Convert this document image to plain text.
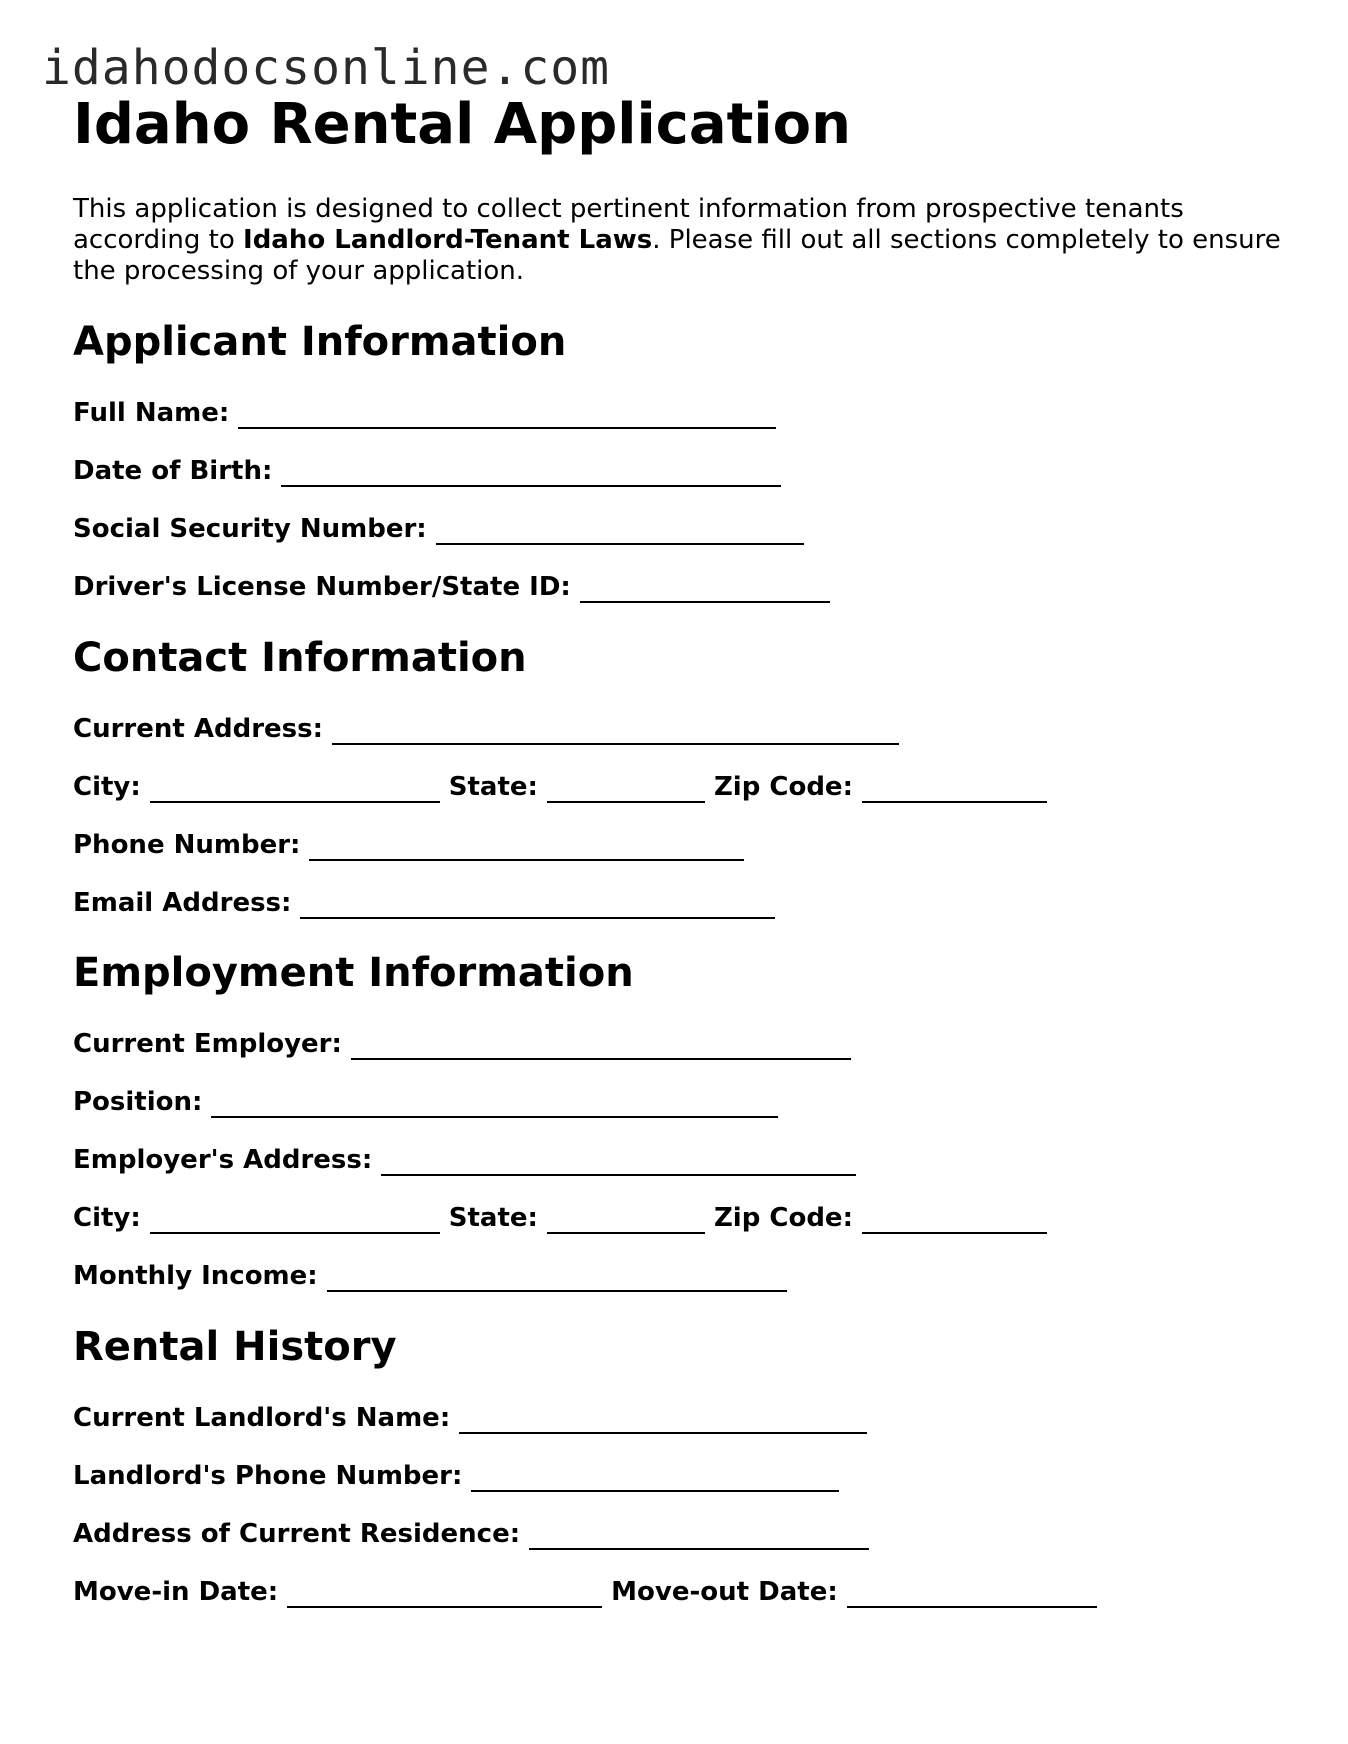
idahodocsonline.com
Idaho Rental Application

This application is designed to collect pertinent information from prospective tenants according to Idaho Landlord-Tenant Laws. Please fill out all sections completely to ensure the processing of your application.

Applicant Information
Full Name:
Date of Birth:
Social Security Number:
Driver's License Number/State ID:
Contact Information
Current Address:
City:	State:	Zip Code:
Phone Number:
Email Address:
Employment Information
Current Employer:
Position:
Employer's Address:
City:	State:	Zip Code:
Monthly Income:
Rental History
Current Landlord's Name:
Landlord's Phone Number:
Address of Current Residence:
Move-in Date:	Move-out Date:
